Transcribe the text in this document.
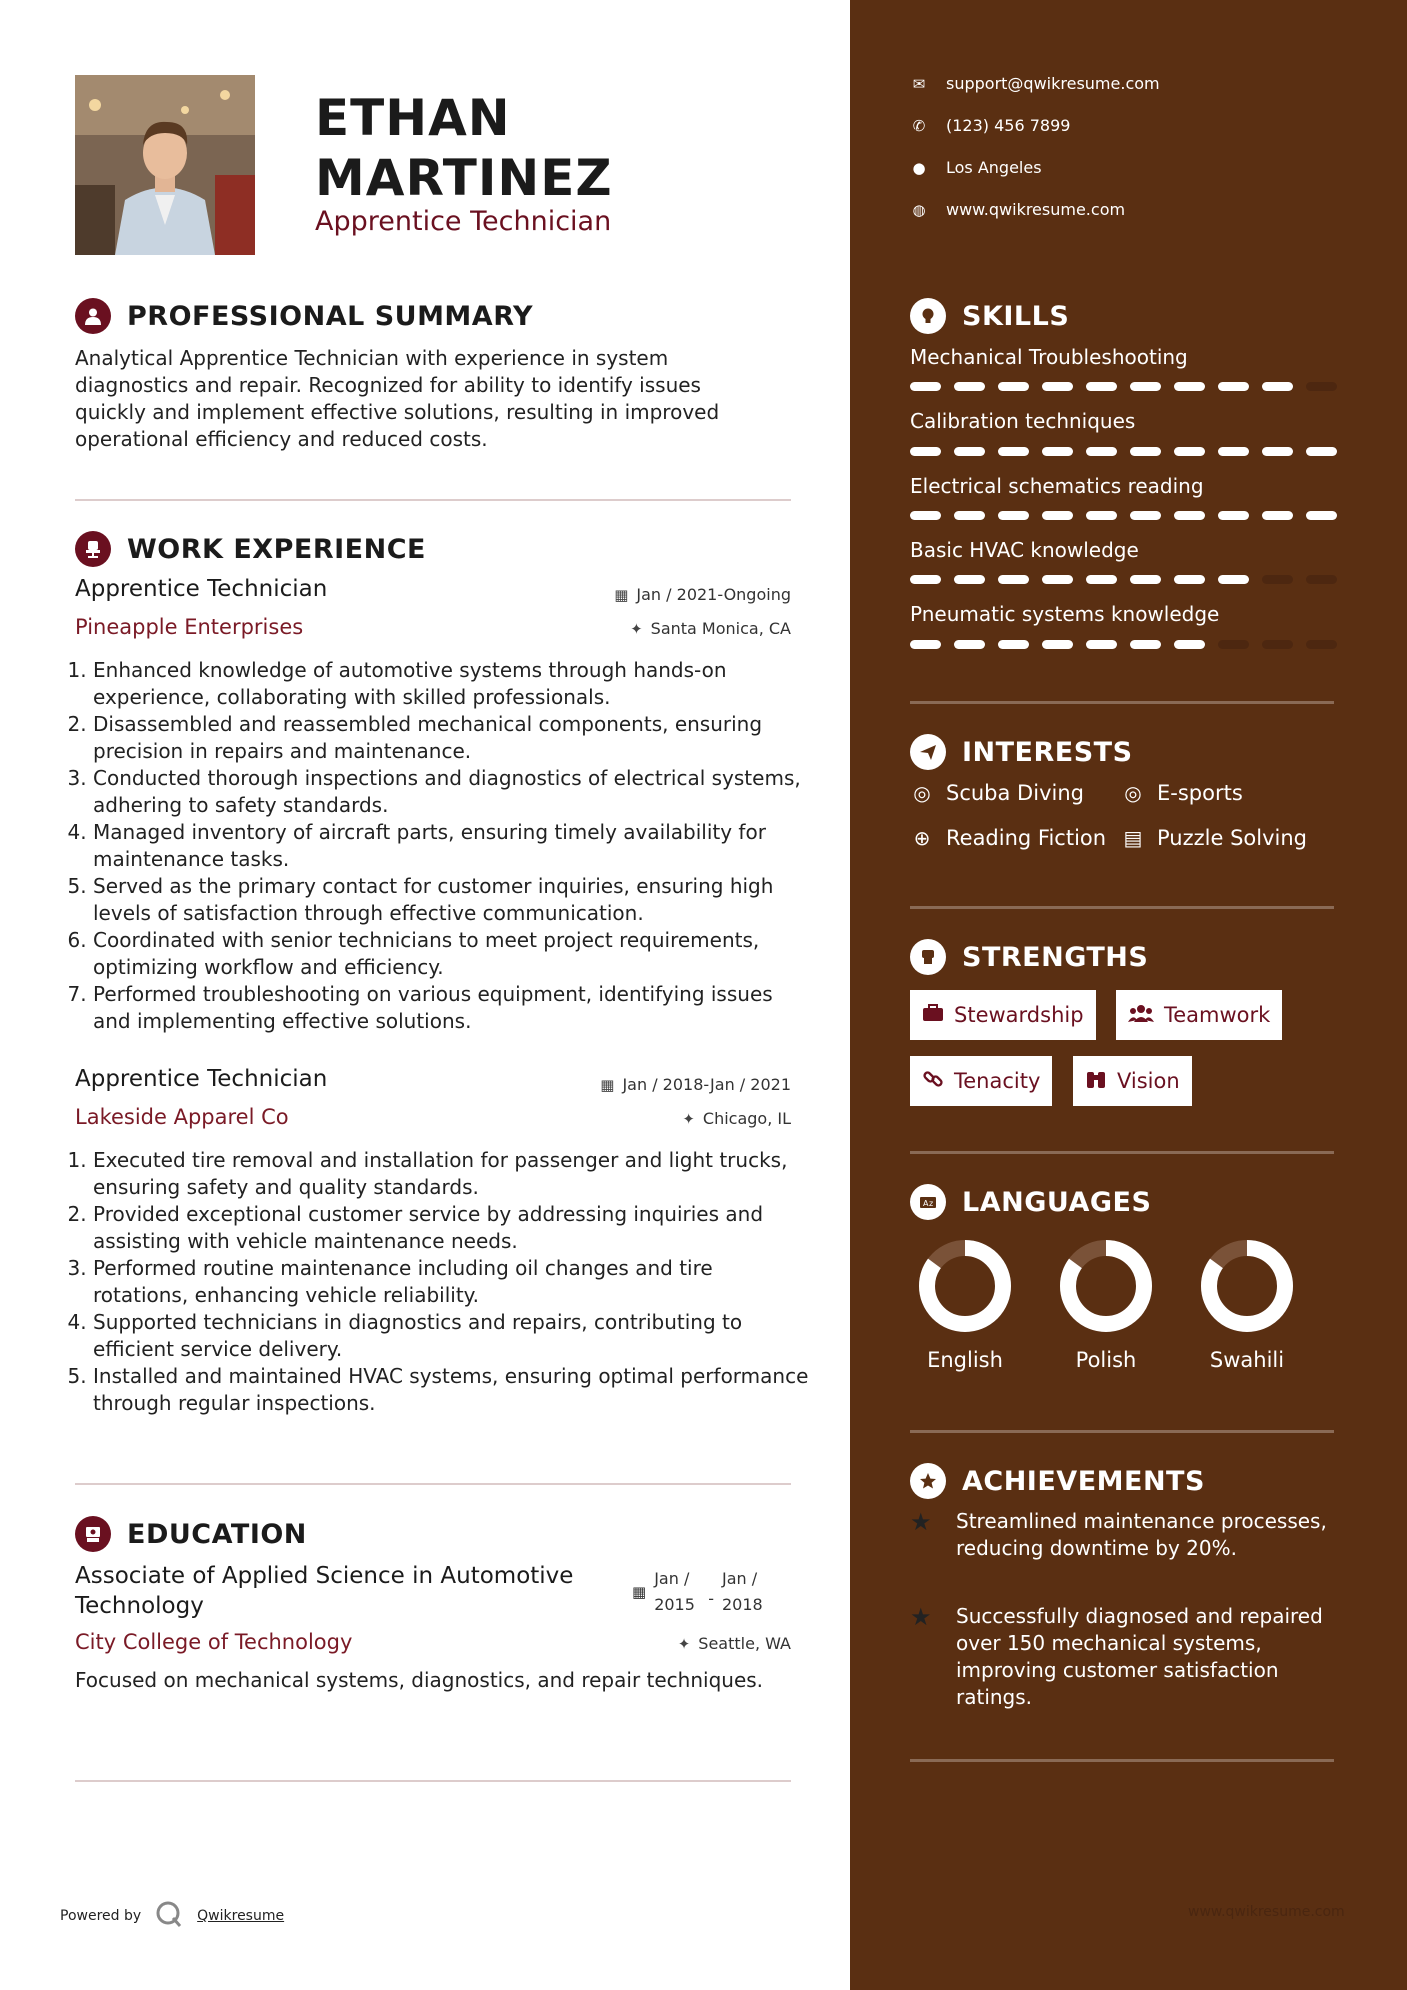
ETHAN
MARTINEZ
Apprentice Technician
PROFESSIONAL SUMMARY
Analytical Apprentice Technician with experience in system diagnostics and repair. Recognized for ability to identify issues quickly and implement effective solutions, resulting in improved operational efficiency and reduced costs.
WORK EXPERIENCE
Apprentice Technician	▦ Jan / 2021-Ongoing
Pineapple Enterprises	✦ Santa Monica, CA
1. Enhanced knowledge of automotive systems through hands-on experience, collaborating with skilled professionals.
2. Disassembled and reassembled mechanical components, ensuring precision in repairs and maintenance.
3. Conducted thorough inspections and diagnostics of electrical systems, adhering to safety standards.
4. Managed inventory of aircraft parts, ensuring timely availability for maintenance tasks.
5. Served as the primary contact for customer inquiries, ensuring high levels of satisfaction through effective communication.
6. Coordinated with senior technicians to meet project requirements, optimizing workflow and efficiency.
7. Performed troubleshooting on various equipment, identifying issues and implementing effective solutions.
Apprentice Technician	▦ Jan / 2018-Jan / 2021
Lakeside Apparel Co	✦ Chicago, IL
1. Executed tire removal and installation for passenger and light trucks, ensuring safety and quality standards.
2. Provided exceptional customer service by addressing inquiries and assisting with vehicle maintenance needs.
3. Performed routine maintenance including oil changes and tire rotations, enhancing vehicle reliability.
4. Supported technicians in diagnostics and repairs, contributing to efficient service delivery.
5. Installed and maintained HVAC systems, ensuring optimal performance through regular inspections.
EDUCATION
Associate of Applied Science in Automotive Technology
▦
Jan / 2015 -
Jan / 2018
City College of Technology	✦ Seattle, WA
Focused on mechanical systems, diagnostics, and repair techniques.
Powered by	Qwikresume
✉ support@qwikresume.com
✆ (123) 456 7899
● Los Angeles
◍ www.qwikresume.com
SKILLS
Mechanical Troubleshooting
Calibration techniques
Electrical schematics reading
Basic HVAC knowledge
Pneumatic systems knowledge
INTERESTS
◎ Scuba Diving ◎ E-sports
⊕ Reading Fiction ▤ Puzzle Solving
STRENGTHS
Stewardship	Teamwork
Tenacity	Vision
A z LANGUAGES
English	Polish	Swahili
ACHIEVEMENTS
★	Streamlined maintenance processes, reducing downtime by 20%.
★	Successfully diagnosed and repaired over 150 mechanical systems, improving customer satisfaction ratings.
www.qwikresume.com
